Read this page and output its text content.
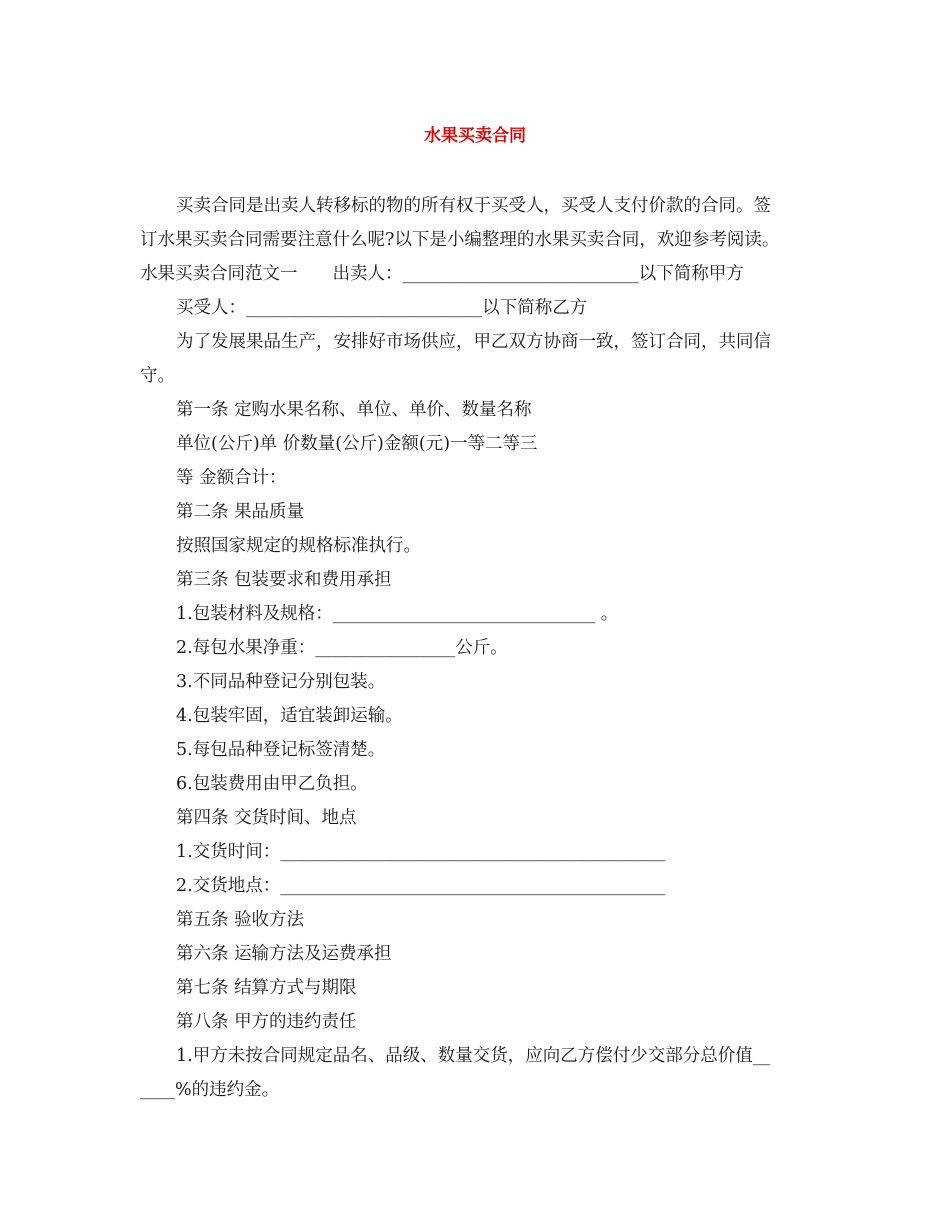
水果买卖合同
买卖合同是出卖人转移标的物的所有权于买受人，买受人支付价款的合同。签
订水果买卖合同需要注意什么呢?以下是小编整理的水果买卖合同，欢迎参考阅读。
水果买卖合同范文一　　出卖人：___________________________以下简称甲方
买受人：___________________________以下简称乙方
为了发展果品生产，安排好市场供应，甲乙双方协商一致，签订合同，共同信
守。
第一条 定购水果名称、单位、单价、数量名称
单位(公斤)单 价数量(公斤)金额(元)一等二等三
等 金额合计：
第二条 果品质量
按照国家规定的规格标准执行。
第三条 包装要求和费用承担
1.包装材料及规格：______________________________ 。
2.每包水果净重：________________公斤。
3.不同品种登记分别包装。
4.包装牢固，适宜装卸运输。
5.每包品种登记标签清楚。
6.包装费用由甲乙负担。
第四条 交货时间、地点
1.交货时间：____________________________________________
2.交货地点：____________________________________________
第五条 验收方法
第六条 运输方法及运费承担
第七条 结算方式与期限
第八条 甲方的违约责任
1.甲方未按合同规定品名、品级、数量交货，应向乙方偿付少交部分总价值__
____%的违约金。
